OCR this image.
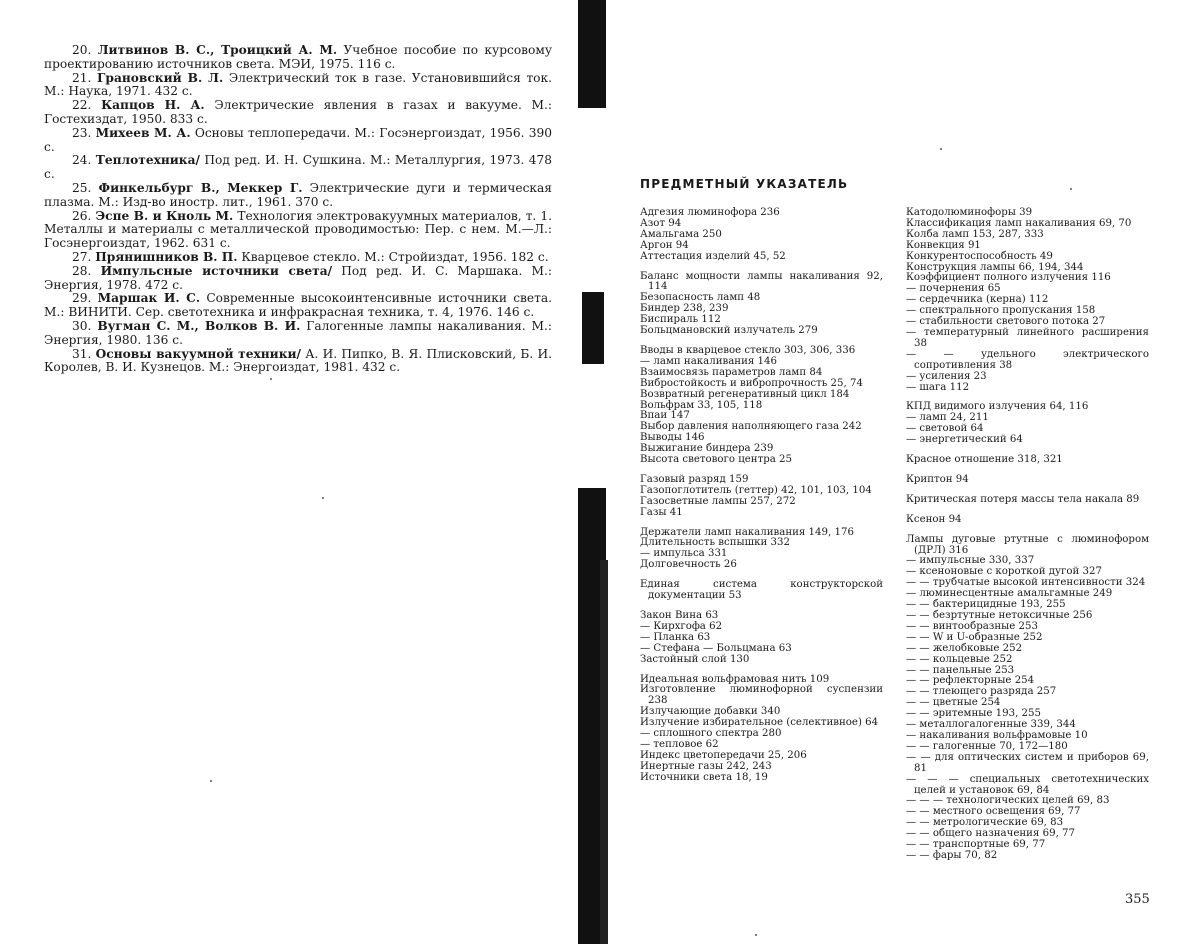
20. Литвинов В. С., Троицкий А. М. Учебное пособие по курсовому проектированию источников света. МЭИ, 1975. 116 с.

21. Грановский В. Л. Электрический ток в газе. Установившийся ток. М.: Наука, 1971. 432 с.

22. Капцов Н. А. Электрические явления в газах и вакууме. М.: Гостехиздат, 1950. 833 с.

23. Михеев М. А. Основы теплопередачи. М.: Госэнергоиздат, 1956. 390 с.

24. Теплотехника/ Под ред. И. Н. Сушкина. М.: Металлургия, 1973. 478 с.

25. Финкельбург В., Меккер Г. Электрические дуги и термическая плазма. М.: Изд-во иностр. лит., 1961. 370 с.

26. Эспе В. и Кноль М. Технология электровакуумных материалов, т. 1. Металлы и материалы с металлической проводимостью: Пер. с нем. М.—Л.: Госэнергоиздат, 1962. 631 с.

27. Прянишников В. П. Кварцевое стекло. М.: Стройиздат, 1956. 182 с.

28. Импульсные источники света/ Под ред. И. С. Маршака. М.: Энергия, 1978. 472 с.

29. Маршак И. С. Современные высокоинтенсивные источники света. М.: ВИНИТИ. Сер. светотехника и инфракрасная техника, т. 4, 1976. 146 с.

30. Вугман С. М., Волков В. И. Галогенные лампы накаливания. М.: Энергия, 1980. 136 с.

31. Основы вакуумной техники/ А. И. Пипко, В. Я. Плисковский, Б. И. Королев, В. И. Кузнецов. М.: Энергоиздат, 1981. 432 с.

ПРЕДМЕТНЫЙ УКАЗАТЕЛЬ

Адгезия люминофора 236

Азот 94

Амальгама 250

Аргон 94

Аттестация изделий 45, 52

Баланс мощности лампы накаливания 92, 114

Безопасность ламп 48

Биндер 238, 239

Биспираль 112

Больцмановский излучатель 279

Вводы в кварцевое стекло 303, 306, 336

— ламп накаливания 146

Взаимосвязь параметров ламп 84

Вибростойкость и вибропрочность 25, 74

Возвратный регенеративный цикл 184

Вольфрам 33, 105, 118

Впаи 147

Выбор давления наполняющего газа 242

Выводы 146

Выжигание биндера 239

Высота светового центра 25

Газовый разряд 159

Газопоглотитель (геттер) 42, 101, 103, 104

Газосветные лампы 257, 272

Газы 41

Держатели ламп накаливания 149, 176

Длительность вспышки 332

— импульса 331

Долговечность 26

Единая система конструкторской документации 53

Закон Вина 63

— Кирхгофа 62

— Планка 63

— Стефана — Больцмана 63

Застойный слой 130

Идеальная вольфрамовая нить 109

Изготовление люминофорной суспензии 238

Излучающие добавки 340

Излучение избирательное (селективное) 64

— сплошного спектра 280

— тепловое 62

Индекс цветопередачи 25, 206

Инертные газы 242, 243

Источники света 18, 19

Катодолюминофоры 39

Классификация ламп накаливания 69, 70

Колба ламп 153, 287, 333

Конвекция 91

Конкурентоспособность 49

Конструкция лампы 66, 194, 344

Коэффициент полного излучения 116

— почернения 65

— сердечника (керна) 112

— спектрального пропускания 158

— стабильности светового потока 27

— температурный линейного расширения 38

— — удельного электрического сопротивления 38

— усиления 23

— шага 112

КПД видимого излучения 64, 116

— ламп 24, 211

— световой 64

— энергетический 64

Красное отношение 318, 321

Криптон 94

Критическая потеря массы тела накала 89

Ксенон 94

Лампы дуговые ртутные с люминофором (ДРЛ) 316

— импульсные 330, 337

— ксеноновые с короткой дугой 327

— — трубчатые высокой интенсивности 324

— люминесцентные амальгамные 249

— — бактерицидные 193, 255

— — безртутные нетоксичные 256

— — винтообразные 253

— — W и U-образные 252

— — желобковые 252

— — кольцевые 252

— — панельные 253

— — рефлекторные 254

— — тлеющего разряда 257

— — цветные 254

— — эритемные 193, 255

— металлогалогенные 339, 344

— накаливания вольфрамовые 10

— — галогенные 70, 172—180

— — для оптических систем и приборов 69, 81

— — — специальных светотехнических целей и установок 69, 84

— — — технологических целей 69, 83

— — местного освещения 69, 77

— — метрологические 69, 83

— — общего назначения 69, 77

— — транспортные 69, 77

— — фары 70, 82

355
